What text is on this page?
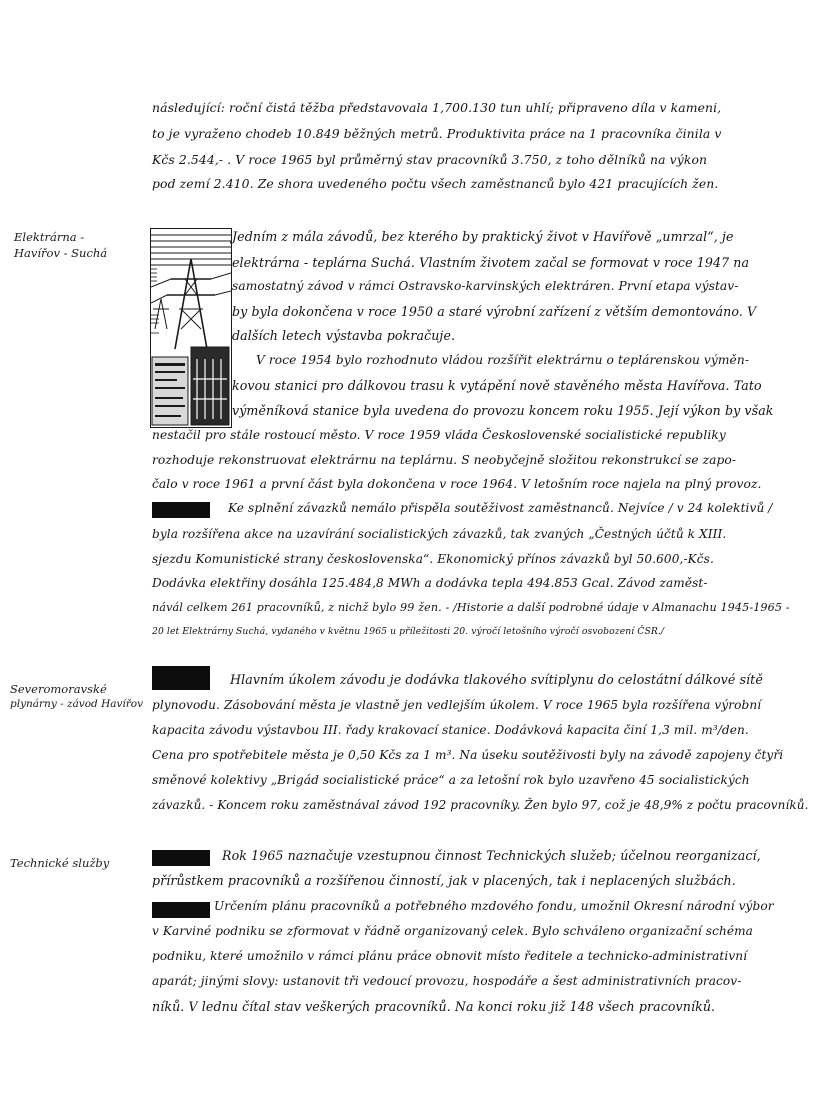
následující: roční čistá těžba představovala 1,700.130 tun uhlí; připraveno díla v kameni,
to je vyraženo chodeb 10.849 běžných metrů. Produktivita práce na 1 pracovníka činila v
Kčs 2.544,- . V roce 1965 byl průměrný stav pracovníků 3.750, z toho dělníků na výkon
pod zemí 2.410. Ze shora uvedeného počtu všech zaměstnanců bylo 421 pracujících žen.
Elektrárna -
Havířov - Suchá
Jedním z mála závodů, bez kterého by praktický život v Havířově „umrzal“, je
elektrárna - teplárna Suchá. Vlastním životem začal se formovat v roce 1947 na
samostatný závod v rámci Ostravsko-karvinských elektráren. První etapa výstav-
by byla dokončena v roce 1950 a staré výrobní zařízení z větším demontováno. V
dalších letech výstavba pokračuje.
V roce 1954 bylo rozhodnuto vládou rozšířit elektrárnu o teplárenskou výměn-
kovou stanici pro dálkovou trasu k vytápění nově stavěného města Havířova. Tato
výměníková stanice byla uvedena do provozu koncem roku 1955. Její výkon by však
nestačil pro stále rostoucí město. V roce 1959 vláda Československé socialistické republiky
rozhoduje rekonstruovat elektrárnu na teplárnu. S neobyčejně složitou rekonstrukcí se zapo-
čalo v roce 1961 a první část byla dokončena v roce 1964. V letošním roce najela na plný provoz.
Ke splnění závazků nemálo přispěla soutěživost zaměstnanců. Nejvíce / v 24 kolektivů /
byla rozšířena akce na uzavírání socialistických závazků, tak zvaných „Čestných účtů k XIII.
sjezdu Komunistické strany československa“. Ekonomický přínos závazků byl 50.600,-Kčs.
Dodávka elektřiny dosáhla 125.484,8 MWh a dodávka tepla 494.853 Gcal. Závod zaměst-
návál celkem 261 pracovníků, z nichž bylo 99 žen. - /Historie a další podrobné údaje v Almanachu 1945-1965 -
20 let Elektrárny Suchá, vydaného v květnu 1965 u příležitosti 20. výročí letošního výročí osvobození ČSR./
Severomoravské
plynárny - závod Havířov
Hlavním úkolem závodu je dodávka tlakového svítiplynu do celostátní dálkové sítě
plynovodu. Zásobování města je vlastně jen vedlejším úkolem. V roce 1965 byla rozšířena výrobní
kapacita závodu výstavbou III. řady krakovací stanice. Dodávková kapacita činí 1,3 mil. m³/den.
Cena pro spotřebitele města je 0,50 Kčs za 1 m³. Na úseku soutěživosti byly na závodě zapojeny čtyři
směnové kolektivy „Brigád socialistické práce“ a za letošní rok bylo uzavřeno 45 socialistických
závazků. - Koncem roku zaměstnával závod 192 pracovníky. Žen bylo 97, což je 48,9% z počtu pracovníků.
Technické služby	Rok 1965 naznačuje vzestupnou činnost Technických služeb; účelnou reorganizací,
přírůstkem pracovníků a rozšířenou činností, jak v placených, tak i neplacených službách.
Určením plánu pracovníků a potřebného mzdového fondu, umožnil Okresní národní výbor
v Karviné podniku se zformovat v řádně organizovaný celek. Bylo schváleno organizační schéma
podniku, které umožnilo v rámci plánu práce obnovit místo ředitele a technicko-administrativní
aparát; jinými slovy: ustanovit tři vedoucí provozu, hospodáře a šest administrativních pracov-
níků. V lednu čítal stav veškerých pracovníků. Na konci roku již 148 všech pracovníků.
